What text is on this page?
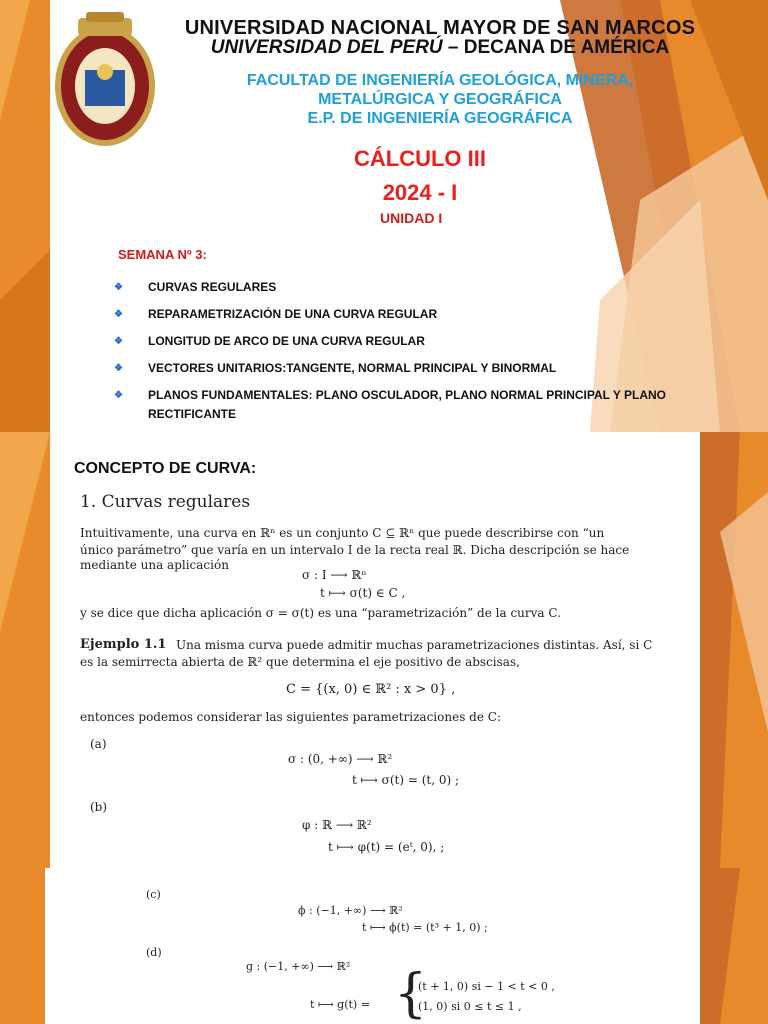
UNIVERSIDAD NACIONAL MAYOR DE SAN MARCOS
UNIVERSIDAD DEL PERÚ – DECANA DE AMÉRICA
FACULTAD DE INGENIERÍA GEOLÓGICA, MINERA,
METALÚRGICA Y GEOGRÁFICA
E.P. DE INGENIERÍA GEOGRÁFICA
CÁLCULO III
2024 - I
UNIDAD I
SEMANA Nº 3:
❖ CURVAS REGULARES
❖ REPARAMETRIZACIÓN DE UNA CURVA REGULAR
❖ LONGITUD DE ARCO DE UNA CURVA REGULAR
❖ VECTORES UNITARIOS:TANGENTE, NORMAL PRINCIPAL Y BINORMAL
❖ PLANOS FUNDAMENTALES: PLANO OSCULADOR, PLANO NORMAL PRINCIPAL Y PLANO RECTIFICANTE
CONCEPTO DE CURVA:
1. Curvas regulares
Intuitivamente, una curva en ℝⁿ es un conjunto C ⊆ ℝⁿ que puede describirse con “un
único parámetro” que varía en un intervalo I de la recta real ℝ. Dicha descripción se hace
mediante una aplicación
σ : I ⟶ ℝⁿ
t ⟼ σ(t) ∈ C ,
y se dice que dicha aplicación σ = σ(t) es una “parametrización” de la curva C.
Ejemplo 1.1 Una misma curva puede admitir muchas parametrizaciones distintas. Así, si C
es la semirrecta abierta de ℝ² que determina el eje positivo de abscisas,
C = {(x, 0) ∈ ℝ² : x > 0} ,
entonces podemos considerar las siguientes parametrizaciones de C:
(a)
σ : (0, +∞) ⟶ ℝ²
t ⟼ σ(t) = (t, 0) ;
(b)
φ : ℝ ⟶ ℝ²
t ⟼ φ(t) = (eᵗ, 0), ;
(c)
ϕ : (−1, +∞) ⟶ ℝ²
t ⟼ ϕ(t) = (t³ + 1, 0) ;
(d)
g : (−1, +∞) ⟶ ℝ²
t ⟼ g(t) = {
(t + 1, 0) si − 1 < t < 0 ,
(1, 0) si 0 ≤ t ≤ 1 ,
